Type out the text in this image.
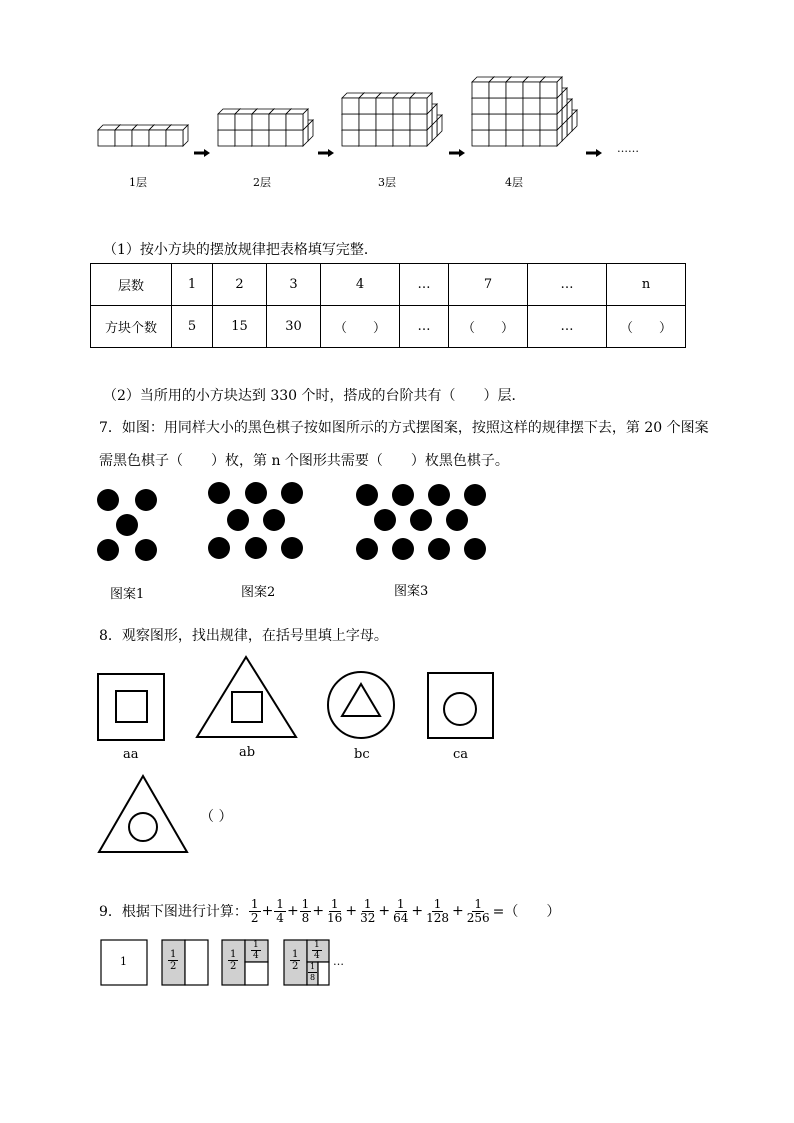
1层	2层	3层	4层
……
（1）按小方块的摆放规律把表格填写完整．
层数	1	2	3	4	…	7	…	n
方块个数	5	15	30	（　　）	…	（　　）	…	（　　）
（2）当所用的小方块达到 330 个时，搭成的台阶共有（　　）层．
7．如图：用同样大小的黑色棋子按如图所示的方式摆图案，按照这样的规律摆下去，第 20 个图案
需黑色棋子（　　）枚，第 n 个图形共需要（　　）枚黑色棋子。
图案1	图案2	图案3
8．观察图形，找出规律，在括号里填上字母。
aa	ab	bc	ca
（ ）
9．根据下图进行计算： $\frac{1}{2} + \frac{1}{4} + \frac{1}{8} + \frac{1}{16} + \frac{1}{32} + \frac{1}{64} + \frac{1}{128} + \frac{1}{256}$ =（　　）
1	$\frac{1}{2}$	$\frac{1}{2} \frac{1}{4}$	$\frac{1}{2} \frac{1}{4}$
$\frac{1}{8}$
…
